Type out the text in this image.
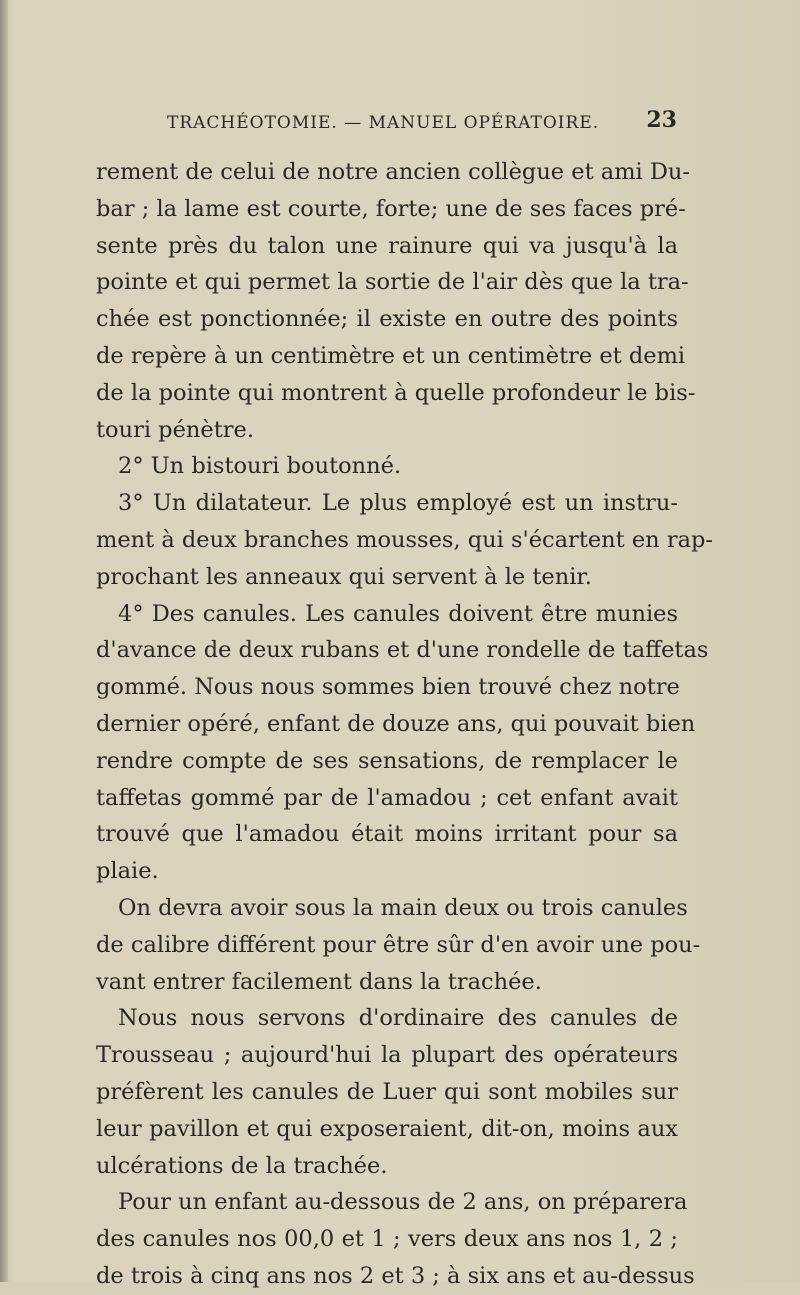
TRACHÉOTOMIE. — MANUEL OPÉRATOIRE. 23
rement de celui de notre ancien collègue et ami Du-
bar ; la lame est courte, forte; une de ses faces pré-
sente près du talon une rainure qui va jusqu'à la
pointe et qui permet la sortie de l'air dès que la tra-
chée est ponctionnée; il existe en outre des points
de repère à un centimètre et un centimètre et demi
de la pointe qui montrent à quelle profondeur le bis-
touri pénètre.
2° Un bistouri boutonné.
3° Un dilatateur. Le plus employé est un instru-
ment à deux branches mousses, qui s'écartent en rap-
prochant les anneaux qui servent à le tenir.
4° Des canules. Les canules doivent être munies
d'avance de deux rubans et d'une rondelle de taffetas
gommé. Nous nous sommes bien trouvé chez notre
dernier opéré, enfant de douze ans, qui pouvait bien
rendre compte de ses sensations, de remplacer le
taffetas gommé par de l'amadou ; cet enfant avait
trouvé que l'amadou était moins irritant pour sa
plaie.
On devra avoir sous la main deux ou trois canules
de calibre différent pour être sûr d'en avoir une pou-
vant entrer facilement dans la trachée.
Nous nous servons d'ordinaire des canules de
Trousseau ; aujourd'hui la plupart des opérateurs
préfèrent les canules de Luer qui sont mobiles sur
leur pavillon et qui exposeraient, dit-on, moins aux
ulcérations de la trachée.
Pour un enfant au-dessous de 2 ans, on préparera
des canules nos 00,0 et 1 ; vers deux ans nos 1, 2 ;
de trois à cinq ans nos 2 et 3 ; à six ans et au-dessus
